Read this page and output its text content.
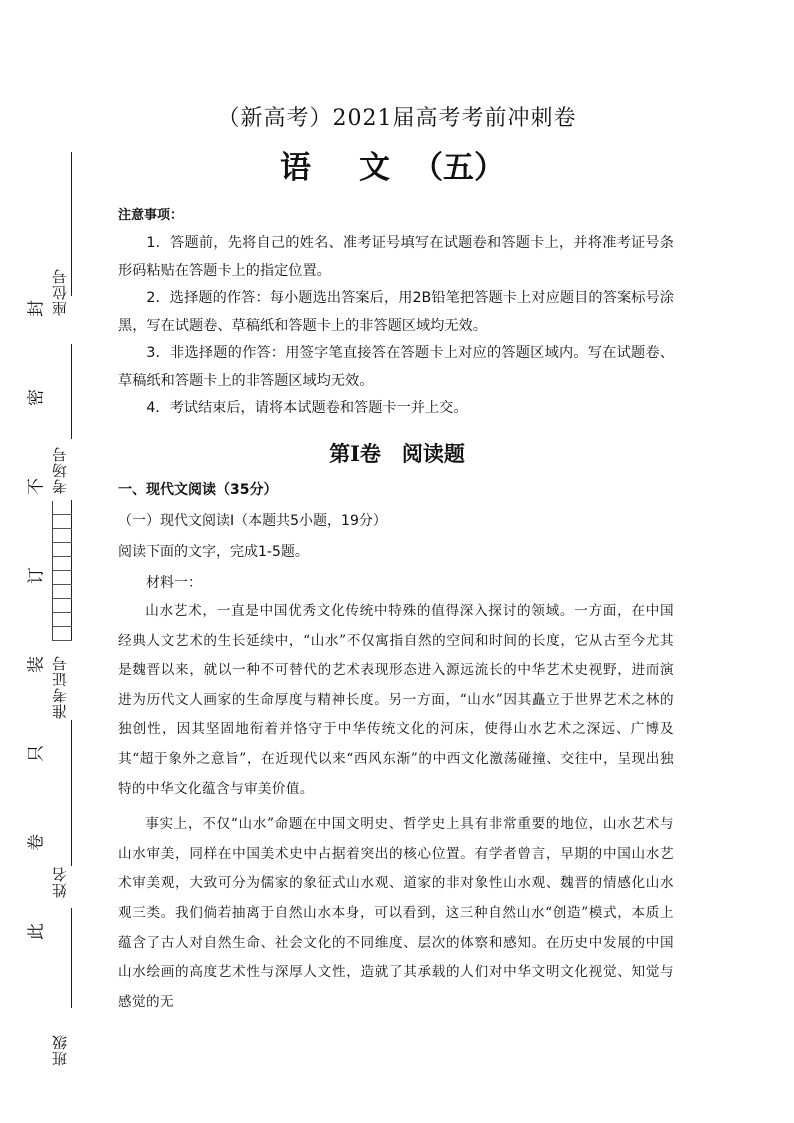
封
密
不
订
装
只
卷
此
座位号
考场号
准考证号
姓名
班级
（新高考）2021届高考考前冲刺卷
语 文 （五）
注意事项：

1．答题前，先将自己的姓名、准考证号填写在试题卷和答题卡上，并将准考证号条形码粘贴在答题卡上的指定位置。

2．选择题的作答：每小题选出答案后，用2B铅笔把答题卡上对应题目的答案标号涂黑，写在试题卷、草稿纸和答题卡上的非答题区域均无效。

3．非选择题的作答：用签字笔直接答在答题卡上对应的答题区域内。写在试题卷、草稿纸和答题卡上的非答题区域均无效。

4．考试结束后，请将本试题卷和答题卡一并上交。

第Ⅰ卷　阅读题

一、现代文阅读（35分）

（一）现代文阅读Ⅰ（本题共5小题，19分）

阅读下面的文字，完成1-5题。

材料一：

山水艺术，一直是中国优秀文化传统中特殊的值得深入探讨的领域。一方面，在中国经典人文艺术的生长延续中，“山水”不仅寓指自然的空间和时间的长度，它从古至今尤其是魏晋以来，就以一种不可替代的艺术表现形态进入源远流长的中华艺术史视野，进而演进为历代文人画家的生命厚度与精神长度。另一方面，“山水”因其矗立于世界艺术之林的独创性，因其坚固地衔着并恪守于中华传统文化的河床，使得山水艺术之深远、广博及其“超于象外之意旨”，在近现代以来“西风东渐”的中西文化激荡碰撞、交往中，呈现出独特的中华文化蕴含与审美价值。

事实上，不仅“山水”命题在中国文明史、哲学史上具有非常重要的地位，山水艺术与山水审美，同样在中国美术史中占据着突出的核心位置。有学者曾言，早期的中国山水艺术审美观，大致可分为儒家的象征式山水观、道家的非对象性山水观、魏晋的情感化山水观三类。我们倘若抽离于自然山水本身，可以看到，这三种自然山水“创造”模式，本质上蕴含了古人对自然生命、社会文化的不同维度、层次的体察和感知。在历史中发展的中国山水绘画的高度艺术性与深厚人文性，造就了其承载的人们对中华文明文化视觉、知觉与感觉的无
